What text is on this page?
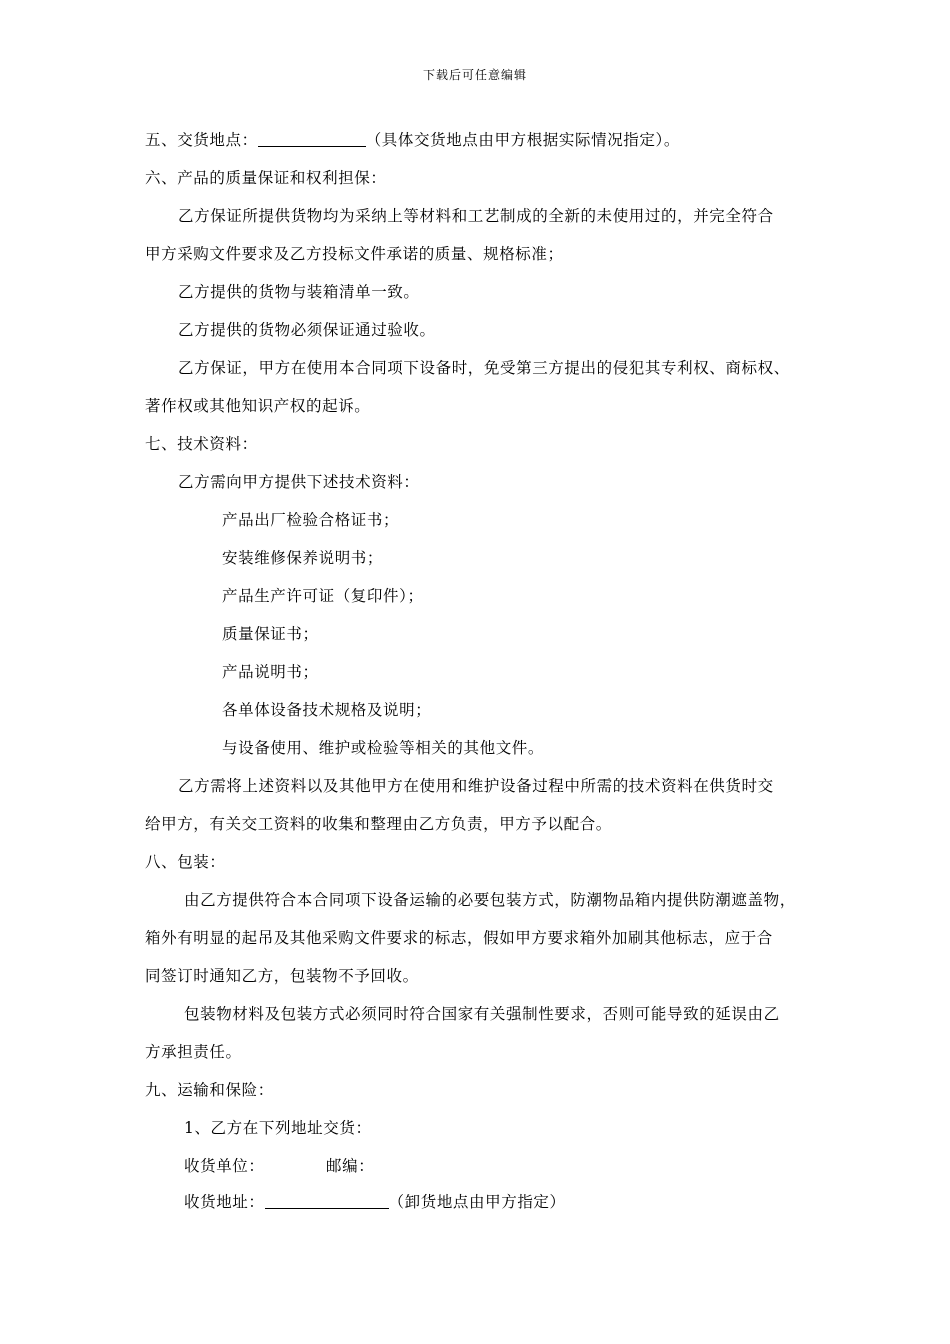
下载后可任意编辑
五、交货地点：	（具体交货地点由甲方根据实际情况指定）。
六、产品的质量保证和权利担保：
乙方保证所提供货物均为采纳上等材料和工艺制成的全新的未使用过的，并完全符合
甲方采购文件要求及乙方投标文件承诺的质量、规格标准；
乙方提供的货物与装箱清单一致。
乙方提供的货物必须保证通过验收。
乙方保证，甲方在使用本合同项下设备时，免受第三方提出的侵犯其专利权、商标权、
著作权或其他知识产权的起诉。
七、技术资料：
乙方需向甲方提供下述技术资料：
产品出厂检验合格证书；
安装维修保养说明书；
产品生产许可证（复印件）；
质量保证书；
产品说明书；
各单体设备技术规格及说明；
与设备使用、维护或检验等相关的其他文件。
乙方需将上述资料以及其他甲方在使用和维护设备过程中所需的技术资料在供货时交
给甲方，有关交工资料的收集和整理由乙方负责，甲方予以配合。
八、包装：
由乙方提供符合本合同项下设备运输的必要包装方式，防潮物品箱内提供防潮遮盖物，
箱外有明显的起吊及其他采购文件要求的标志，假如甲方要求箱外加刷其他标志，应于合
同签订时通知乙方，包装物不予回收。
包装物材料及包装方式必须同时符合国家有关强制性要求，否则可能导致的延误由乙
方承担责任。
九、运输和保险：
1、乙方在下列地址交货：
收货单位：	邮编：
收货地址：	（卸货地点由甲方指定）
